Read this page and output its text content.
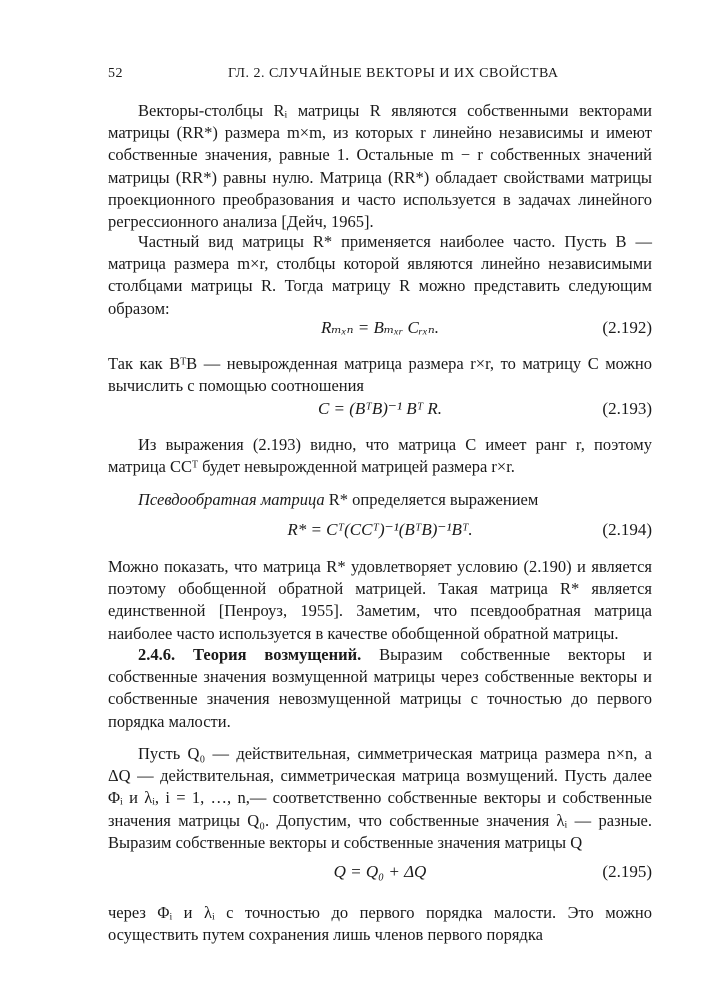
52	ГЛ. 2. СЛУЧАЙНЫЕ ВЕКТОРЫ И ИХ СВОЙСТВА

Векторы-столбцы Rᵢ матрицы R являются собственными векторами матрицы (RR*) размера m×m, из которых r линейно независимы и имеют собственные значения, равные 1. Остальные m − r собственных значений матрицы (RR*) равны нулю. Матрица (RR*) обладает свойствами матрицы проекционного преобразования и часто используется в задачах линейного регрессионного анализа [Дейч, 1965].

Частный вид матрицы R* применяется наиболее часто. Пусть B — матрица размера m×r, столбцы которой являются линейно независимыми столбцами матрицы R. Тогда матрицу R можно представить следующим образом:

Rₘₓₙ = Bₘₓᵣ Cᵣₓₙ.	(2.192)

Так как BᵀB — невырожденная матрица размера r×r, то матрицу C можно вычислить с помощью соотношения

C = (BᵀB)⁻¹ Bᵀ R.	(2.193)

Из выражения (2.193) видно, что матрица C имеет ранг r, поэтому матрица CCᵀ будет невырожденной матрицей размера r×r.

Псевдообратная матрица R* определяется выражением

R* = Cᵀ(CCᵀ)⁻¹(BᵀB)⁻¹Bᵀ.	(2.194)

Можно показать, что матрица R* удовлетворяет условию (2.190) и является поэтому обобщенной обратной матрицей. Такая матрица R* является единственной [Пенроуз, 1955]. Заметим, что псевдообратная матрица наиболее часто используется в качестве обобщенной обратной матрицы.

2.4.6. Теория возмущений. Выразим собственные векторы и собственные значения возмущенной матрицы через собственные векторы и собственные значения невозмущенной матрицы с точностью до первого порядка малости.

Пусть Q₀ — действительная, симметрическая матрица размера n×n, а ΔQ — действительная, симметрическая матрица возмущений. Пусть далее Φᵢ и λᵢ, i = 1, …, n,— соответственно собственные векторы и собственные значения матрицы Q₀. Допустим, что собственные значения λᵢ — разные. Выразим собственные векторы и собственные значения матрицы Q

Q = Q₀ + ΔQ	(2.195)

через Φᵢ и λᵢ с точностью до первого порядка малости. Это можно осуществить путем сохранения лишь членов первого порядка
